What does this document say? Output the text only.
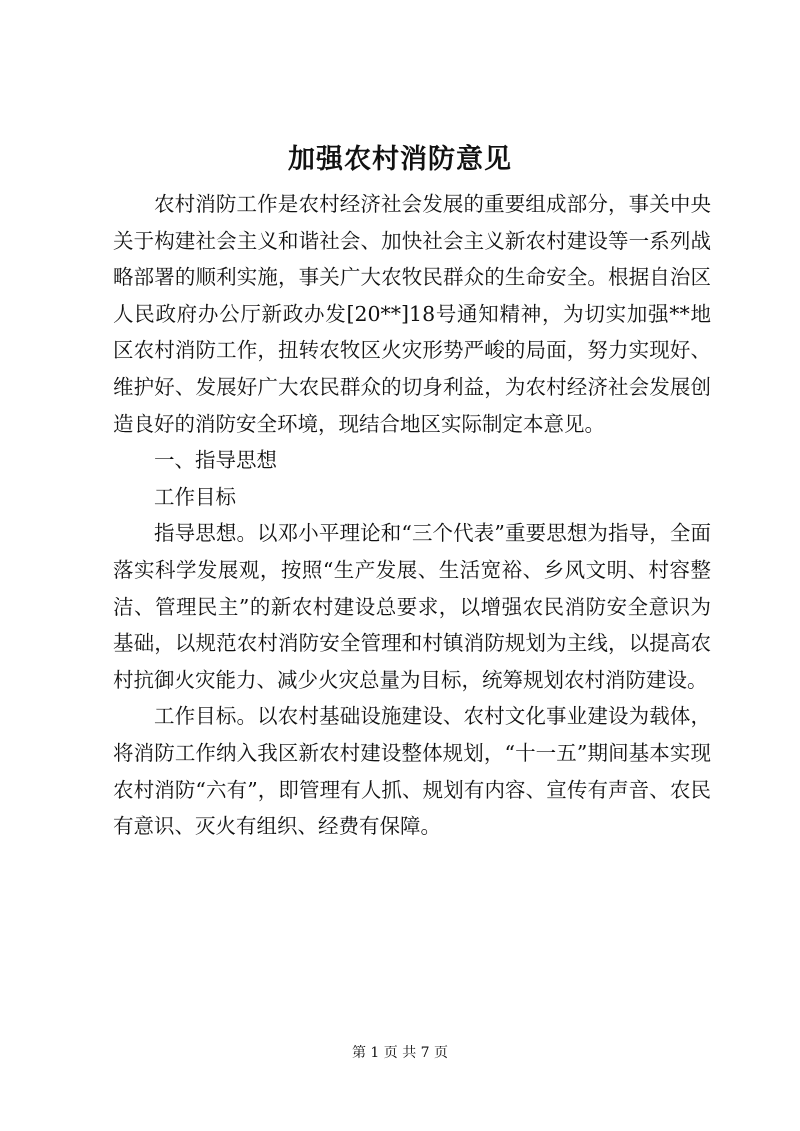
加强农村消防意见

农村消防工作是农村经济社会发展的重要组成部分，事关中央关于构建社会主义和谐社会、加快社会主义新农村建设等一系列战略部署的顺利实施，事关广大农牧民群众的生命安全。根据自治区人民政府办公厅新政办发[20**]18号通知精神，为切实加强**地区农村消防工作，扭转农牧区火灾形势严峻的局面，努力实现好、维护好、发展好广大农民群众的切身利益，为农村经济社会发展创造良好的消防安全环境，现结合地区实际制定本意见。

一、指导思想

工作目标

指导思想。以邓小平理论和“三个代表”重要思想为指导，全面落实科学发展观，按照“生产发展、生活宽裕、乡风文明、村容整洁、管理民主”的新农村建设总要求，以增强农民消防安全意识为基础，以规范农村消防安全管理和村镇消防规划为主线，以提高农村抗御火灾能力、减少火灾总量为目标，统筹规划农村消防建设。

工作目标。以农村基础设施建设、农村文化事业建设为载体，将消防工作纳入我区新农村建设整体规划，“十一五”期间基本实现农村消防“六有”，即管理有人抓、规划有内容、宣传有声音、农民有意识、灭火有组织、经费有保障。

第 1 页 共 7 页
